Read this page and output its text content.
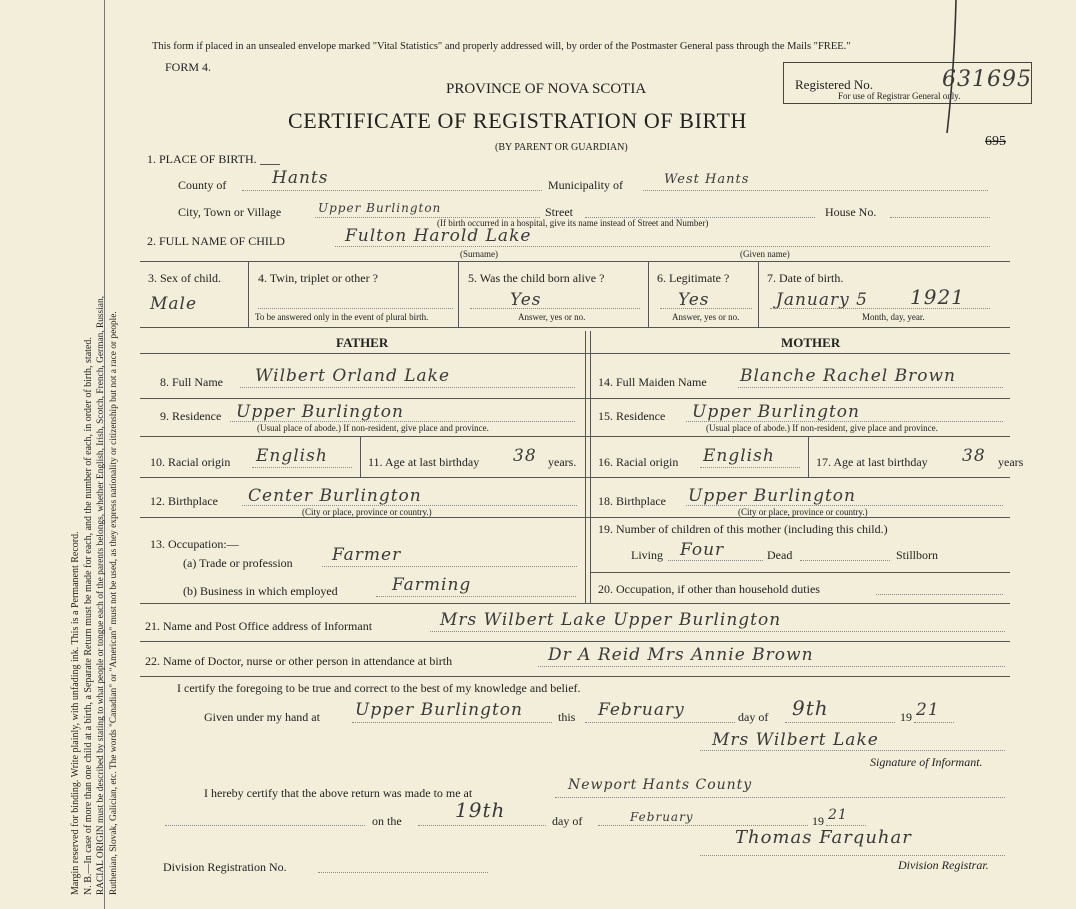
Margin reserved for binding. Write plainly, with unfading ink. This is a Permanent Record. N. B.—In case of more than one child at a birth, a Separate Return must be made for each, and the number of each, in order of birth, stated. RACIAL ORIGIN must be described by stating to what people or tongue each of the parents belongs, whether English, Irish, Scotch, French, German, Russian, Ruthenian, Slovak, Galician, etc. The words "Canadian" or "American" must not be used, as they express nationality or citizenship but not a race or people.
This form if placed in an unsealed envelope marked "Vital Statistics" and properly addressed will, by order of the Postmaster General pass through the Mails "FREE."
FORM 4.
PROVINCE OF NOVA SCOTIA
CERTIFICATE OF REGISTRATION OF BIRTH
(BY PARENT OR GUARDIAN)
Registered No.	631695
For use of Registrar General only.
695
1. PLACE OF BIRTH.
County of	Hants	Municipality of	West Hants
City, Town or Village	Upper Burlington	Street	House No.
(If birth occurred in a hospital, give its name instead of Street and Number)
2. FULL NAME OF CHILD	Fulton Harold Lake
(Surname)	(Given name)
3. Sex of child.
Male
4. Twin, triplet or other ?
To be answered only in the event of plural birth.
5. Was the child born alive ?
Yes
Answer, yes or no.
6. Legitimate ?
Yes
Answer, yes or no.
7. Date of birth.
January 5 1921
Month, day, year.
FATHER	MOTHER
8. Full Name Wilbert Orland Lake
9. Residence Upper Burlington
(Usual place of abode.) If non-resident, give place and province.
10. Racial origin English	11. Age at last birthday 38 years.
12. Birthplace Center Burlington
(City or place, province or country.)
13. Occupation:—
(a) Trade or profession Farmer
(b) Business in which employed	Farming
14. Full Maiden Name Blanche Rachel Brown
15. Residence Upper Burlington
(Usual place of abode.) If non-resident, give place and province.
16. Racial origin English	17. Age at last birthday 38 years
18. Birthplace Upper Burlington
(City or place, province or country.)
19. Number of children of this mother (including this child.)
Living Four	Dead	Stillborn
20. Occupation, if other than household duties
21. Name and Post Office address of Informant	Mrs Wilbert Lake Upper Burlington
22. Name of Doctor, nurse or other person in attendance at birth	Dr A Reid Mrs Annie Brown
I certify the foregoing to be true and correct to the best of my knowledge and belief.
Given under my hand at Upper Burlington	this February	day of 9th	19 21
Mrs Wilbert Lake
Signature of Informant.
I hereby certify that the above return was made to me at	Newport Hants County
on the	19th	day of	February	19 21
Thomas Farquhar
Division Registration No.	Division Registrar.
